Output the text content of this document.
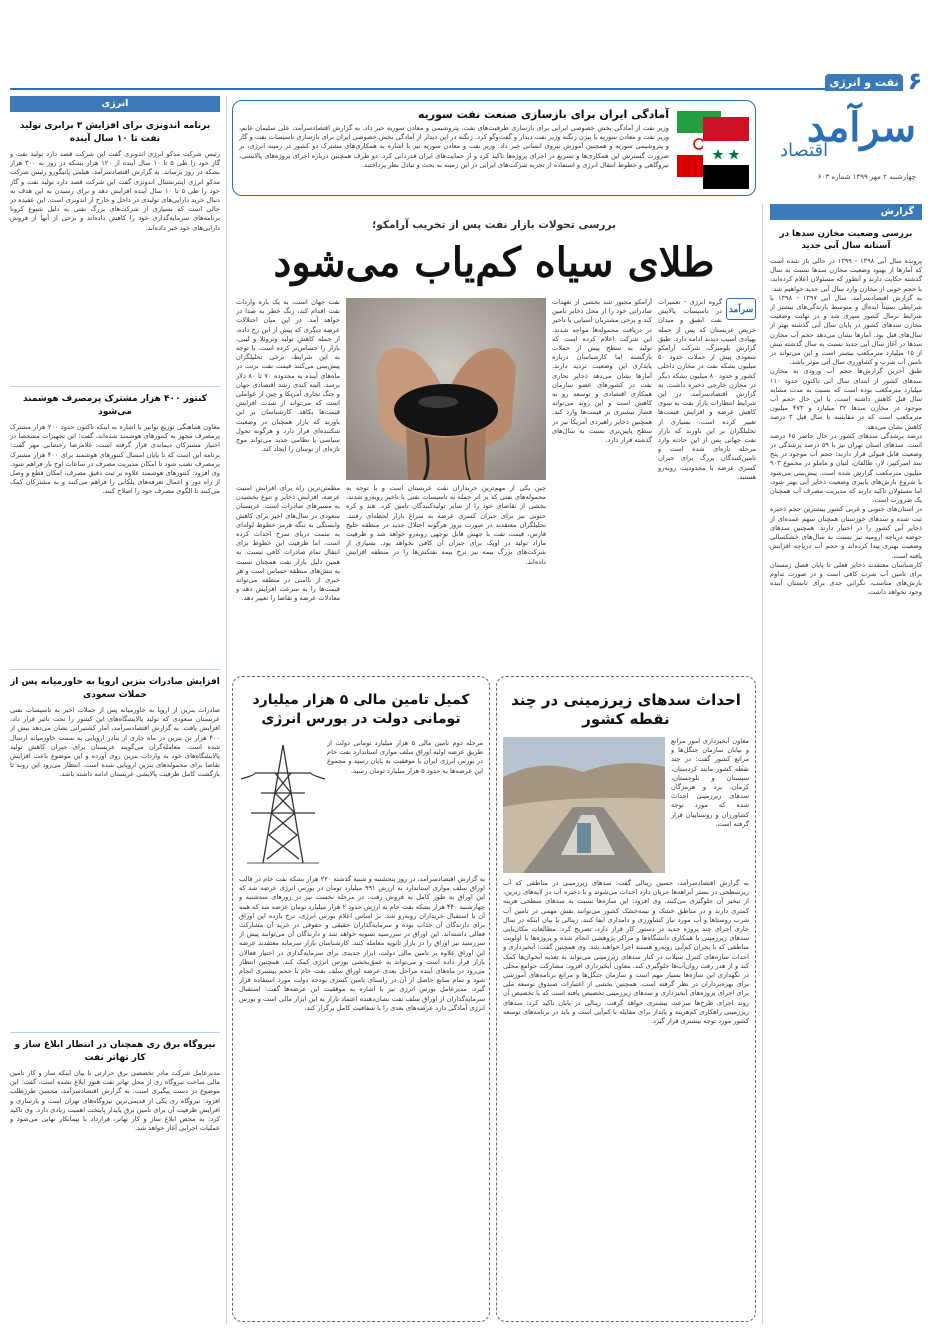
نفت و انرژی ۶
سرآمد
اقتصاد
چهارشنبه ۲ مهر ۱۳۹۹ شماره ۶۰۳
گزارش
بررسی وضعیت مخازن سدها در آستانه سال آبی جدید
پرونده سال آبی ۱۳۹۸ - ۱۳۹۹ در حالی باز شده است که آمارها از بهبود وضعیت مخازن سدها نسبت به سال گذشته حکایت دارند و آنطور که مسئولان اعلام کرده‌اند، با حجم خوبی از مخازن وارد سال آبی جدید خواهیم شد.
به گزارش اقتصادسرآمد، سال آبی ۱۳۹۷ - ۱۳۹۸ با شرایطی نسبتاً ایده‌آل و متوسط بارندگی‌های بیشتر از شرایط نرمال کشور سپری شد و در نهایت وضعیت مخازن سدهای کشور در پایان سال آبی گذشته بهتر از سال‌های قبل بود. آمارها نشان می‌دهد حجم آب مخازن سدها در آغاز سال آبی جدید نسبت به سال گذشته بیش از ۱۵ میلیارد مترمکعب بیشتر است و این می‌تواند در تامین آب شرب و کشاورزی سال آتی موثر باشد.
طبق آخرین گزارش‌ها حجم آب ورودی به مخازن سدهای کشور از ابتدای سال آبی تاکنون حدود ۱۱۰ میلیارد مترمکعب بوده است که نسبت به مدت مشابه سال قبل کاهش داشته است. با این حال حجم آب موجود در مخازن سدها ۳۲ میلیارد و ۴۷۳ میلیون مترمکعب است که در مقایسه با سال قبل ۳ درصد کاهش نشان می‌دهد.
درصد پرشدگی سدهای کشور در حال حاضر ۶۵ درصد است. سدهای استان تهران نیز با ۵۹ درصد پرشدگی در وضعیت قابل قبولی قرار دارند؛ حجم آب موجود در پنج سد امیرکبیر، لار، طالقان، لتیان و ماملو در مجموع ۹۰۳ میلیون مترمکعب گزارش شده است. پیش‌بینی می‌شود با شروع بارش‌های پاییزی وضعیت ذخایر آبی بهتر شود، اما مسئولان تاکید دارند که مدیریت مصرف آب همچنان یک ضرورت است.
در استان‌های جنوبی و غربی کشور بیشترین حجم ذخیره ثبت شده و سدهای خوزستان همچنان سهم عمده‌ای از ذخایر آبی کشور را در اختیار دارند. همچنین سدهای حوضه دریاچه ارومیه نیز نسبت به سال‌های خشکسالی وضعیت بهتری پیدا کرده‌اند و حجم آب دریاچه افزایش یافته است.
کارشناسان معتقدند ذخایر فعلی تا پایان فصل زمستان برای تامین آب شرب کافی است و در صورت تداوم بارش‌های مناسب، نگرانی جدی برای تابستان آینده وجود نخواهد داشت.
انرژی
برنامه اندونزی برای افزایش ۳ برابری تولید نفت تا ۱۰ سال آینده
رئیس شرکت مدکو انرژی اندونزی گفت این شرکت قصد دارد تولید نفت و گاز خود را طی ۵ تا ۱۰ سال آینده از ۱۲۰ هزار بشکه در روز به ۳۰۰ هزار بشکه در روز برساند. به گزارش اقتصادسرآمد، هیلمی پانیگورو رئیس شرکت مدکو انرژی اینترنشنال اندونزی گفت این شرکت قصد دارد تولید نفت و گاز خود را طی ۵ تا ۱۰ سال آینده افزایش دهد و برای رسیدن به این هدف به دنبال خرید دارایی‌های تولیدی در داخل و خارج از اندونزی است. این عقیده در حالی است که بسیاری از شرکت‌های بزرگ نفتی به دلیل شیوع کرونا برنامه‌های سرمایه‌گذاری خود را کاهش داده‌اند و برخی از آنها از فروش دارایی‌های خود خبر داده‌اند.
کنتور ۴۰۰ هزار مشترک پرمصرف هوشمند می‌شود
معاون هماهنگی توزیع توانیر با اشاره به اینکه تاکنون حدود ۲۰۰ هزار مشترک پرمصرف مجهز به کنتورهای هوشمند شده‌اند، گفت: این تجهیزات مشخصا در اختیار مشترکان دیماندی قرار گرفته است. غلامرضا رخشانی مهر گفت: برنامه این است که تا پایان امسال کنتورهای هوشمند برای ۴۰۰ هزار مشترک پرمصرف نصب شود تا امکان مدیریت مصرف در ساعات اوج بار فراهم شود. وی افزود: کنتورهای هوشمند علاوه بر ثبت دقیق مصرف، امکان قطع و وصل از راه دور و اعمال تعرفه‌های پلکانی را فراهم می‌کنند و به مشترکان کمک می‌کنند تا الگوی مصرف خود را اصلاح کنند.
افزایش صادرات بنزین اروپا به خاورمیانه پس از حملات سعودی
صادرات بنزین از اروپا به خاورمیانه پس از حملات اخیر به تاسیسات نفتی عربستان سعودی که تولید پالایشگاه‌های این کشور را تحت تاثیر قرار داد، افزایش یافت. به گزارش اقتصادسرآمد، آمار کشتیرانی نشان می‌دهد بیش از ۴۰۰ هزار تن بنزین در ماه جاری از بنادر اروپایی به سمت خاورمیانه ارسال شده است. معامله‌گران می‌گویند عربستان برای جبران کاهش تولید پالایشگاه‌های خود به واردات بنزین روی آورده و این موضوع باعث افزایش تقاضا برای محموله‌های بنزین اروپایی شده است. انتظار می‌رود این روند تا بازگشت کامل ظرفیت پالایشی عربستان ادامه داشته باشد.
نیروگاه برق ری همچنان در انتظار ابلاغ ساز و کار تهاتر نفت
مدیرعامل شرکت مادر تخصصی برق حرارتی با بیان اینکه ساز و کار تامین مالی ساخت نیروگاه ری از محل تهاتر نفت هنوز ابلاغ نشده است، گفت: این موضوع در دست پیگیری است. به گزارش اقتصادسرآمد، محسن طرزطلب افزود: نیروگاه ری یکی از قدیمی‌ترین نیروگاه‌های تهران است و بازسازی و افزایش ظرفیت آن برای تامین برق پایدار پایتخت اهمیت زیادی دارد. وی تاکید کرد: به محض ابلاغ ساز و کار تهاتر، قرارداد با پیمانکار نهایی می‌شود و عملیات اجرایی آغاز خواهد شد.
آمادگی ایران برای بازسازی صنعت نفت سوریه
وزیر نفت از آمادگی بخش خصوصی ایرانی برای بازسازی ظرفیت‌های نفت، پتروشیمی و معادن سوریه خبر داد. به گزارش اقتصادسرآمد، علی سلیمان غانم، وزیر نفت و معادن سوریه با بیژن زنگنه وزیر نفت دیدار و گفت‌وگو کرد. زنگنه در این دیدار از آمادگی بخش خصوصی ایران برای بازسازی تاسیسات نفت و گاز و پتروشیمی سوریه و همچنین آموزش نیروی انسانی خبر داد. وزیر نفت و معادن سوریه نیز با اشاره به همکاری‌های مشترک دو کشور در زمینه انرژی، بر ضرورت گسترش این همکاری‌ها و تسریع در اجرای پروژه‌ها تاکید کرد و از حمایت‌های ایران قدردانی کرد. دو طرف همچنین درباره اجرای پروژه‌های پالایشی، نیروگاهی و خطوط انتقال انرژی و استفاده از تجربه شرکت‌های ایرانی در این زمینه به بحث و تبادل نظر پرداختند.
بررسی تحولات بازار نفت پس از تخریب آرامکو؛
طلای سیاه کم‌یاب می‌شود
سرآمد
گروه انرژی - تعمیرات در تاسیسات پالایش نفت ابقیق و میدان خریص عربستان که پس از حمله پهپادی آسیب دیدند ادامه دارد. طبق گزارش بلومبرگ، شرکت آرامکو سعودی پیش از حملات حدود ۵۰ میلیون بشکه نفت در مخازن داخلی کشور و حدود ۸۰ میلیون بشکه دیگر در مخازن خارجی ذخیره داشت. به گزارش اقتصادسرآمد، در این شرایط انتظارات بازار نفت به سوی کاهش عرضه و افزایش قیمت‌ها تغییر کرده است. بسیاری از تحلیلگران بر این باورند که بازار نفت جهانی پس از این حادثه وارد مرحله تازه‌ای شده است و تامین‌کنندگان بزرگ برای جبران کسری عرضه با محدودیت روبه‌رو هستند.
آرامکو مجبور شد بخشی از تعهدات صادراتی خود را از محل ذخایر تامین کند و برخی مشتریان آسیایی با تاخیر در دریافت محموله‌ها مواجه شدند. این شرکت اعلام کرده است که تولید به سطح پیش از حملات بازگشته اما کارشناسان درباره پایداری این وضعیت تردید دارند. آمارها نشان می‌دهد ذخایر تجاری نفت در کشورهای عضو سازمان همکاری اقتصادی و توسعه رو به کاهش است و این روند می‌تواند فشار بیشتری بر قیمت‌ها وارد کند. همچنین ذخایر راهبردی آمریکا نیز در سطح پایین‌تری نسبت به سال‌های گذشته قرار دارد.
چین یکی از مهم‌ترین خریداران نفت عربستان است و با توجه به محموله‌های نفتی که بر اثر حمله به تاسیسات نفتی با تاخیر روبه‌رو شدند، بخشی از تقاضای خود را از سایر تولیدکنندگان تامین کرد. هند و کره جنوبی نیز برای جبران کسری عرضه به سراغ بازار لحظه‌ای رفتند. تحلیلگران معتقدند در صورت بروز هرگونه اختلال جدید در منطقه خلیج فارس، قیمت نفت با جهش قابل توجهی روبه‌رو خواهد شد و ظرفیت مازاد تولید در اوپک برای جبران آن کافی نخواهد بود. بسیاری از شرکت‌های بزرگ بیمه نیز نرخ بیمه نفتکش‌ها را در منطقه افزایش داده‌اند.
مطمئن‌ترین راه برای افزایش امنیت عرضه، افزایش ذخایر و تنوع بخشیدن به مسیرهای صادرات است. عربستان سعودی در سال‌های اخیر برای کاهش وابستگی به تنگه هرمز خطوط لوله‌ای به سمت دریای سرخ احداث کرده است، اما ظرفیت این خطوط برای انتقال تمام صادرات کافی نیست. به همین دلیل بازار نفت همچنان نسبت به تنش‌های منطقه حساس است و هر خبری از ناامنی در منطقه می‌تواند قیمت‌ها را به سرعت افزایش دهد و معادلات عرضه و تقاضا را تغییر دهد.
نفت جهان است، به یک باره واردات نفت اقدام کند، زنگ خطر به صدا در خواهد آمد. در این میان اختلالات عرضه دیگری که پیش از این رخ داده، از جمله کاهش تولید ونزوئلا و لیبی، بازار را حساس‌تر کرده است. با توجه به این شرایط، برخی تحلیلگران پیش‌بینی می‌کنند قیمت نفت برنت در ماه‌های آینده به محدوده ۷۰ تا ۸۰ دلار برسد. البته کندی رشد اقتصادی جهان و جنگ تجاری آمریکا و چین از عواملی است که می‌تواند از شدت افزایش قیمت‌ها بکاهد. کارشناسان بر این باورند که بازار همچنان در وضعیت شکننده‌ای قرار دارد و هرگونه تحول سیاسی یا نظامی جدید می‌تواند موج تازه‌ای از نوسان را ایجاد کند.
احداث سدهای زیرزمینی در چند نقطه کشور
معاون آبخیزداری امور مراتع و بیابان سازمان جنگل‌ها و مراتع کشور گفت: در چند نقطه کشور مانند کردستان، سیستان و بلوچستان، کرمان، یزد و هرمزگان سدهای زیرزمینی احداث شده که مورد توجه کشاورزان و روستاییان قرار گرفته است.
به گزارش اقتصادسرآمد، حسین زینالی گفت: سدهای زیرزمینی در مناطقی که آب زیرسطحی در بستر آبراهه‌ها جریان دارد احداث می‌شوند و با ذخیره آب در لایه‌های زیرین، از تبخیر آن جلوگیری می‌کنند. وی افزود: این سازه‌ها نسبت به سدهای سطحی هزینه کمتری دارند و در مناطق خشک و نیمه‌خشک کشور می‌توانند نقش مهمی در تامین آب شرب روستاها و آب مورد نیاز کشاورزی و دامداری ایفا کنند. زینالی با بیان اینکه در سال جاری اجرای چند پروژه جدید در دستور کار قرار دارد، تصریح کرد: مطالعات مکان‌یابی سدهای زیرزمینی با همکاری دانشگاه‌ها و مراکز پژوهشی انجام شده و پروژه‌ها با اولویت مناطقی که با بحران کم‌آبی روبه‌رو هستند اجرا خواهند شد. وی همچنین گفت: آبخیزداری و احداث سازه‌های کنترل سیلاب در کنار سدهای زیرزمینی می‌تواند به تغذیه آبخوان‌ها کمک کند و از هدر رفت روان‌آب‌ها جلوگیری کند. معاون آبخیزداری افزود: مشارکت جوامع محلی در نگهداری این سازه‌ها بسیار مهم است و سازمان جنگل‌ها و مراتع برنامه‌های آموزشی برای بهره‌برداران در نظر گرفته است. همچنین بخشی از اعتبارات صندوق توسعه ملی برای اجرای پروژه‌های آبخیزداری و سدهای زیرزمینی تخصیص یافته است که با تخصیص آن روند اجرای طرح‌ها سرعت بیشتری خواهد گرفت. زینالی در پایان تاکید کرد: سدهای زیرزمینی راهکاری کم‌هزینه و پایدار برای مقابله با کم‌آبی است و باید در برنامه‌های توسعه کشور مورد توجه بیشتری قرار گیرد.
کمیل تامین مالی ۵ هزار میلیارد تومانی دولت در بورس انرژی
مرحله دوم تامین مالی ۵ هزار میلیارد تومانی دولت از طریق عرضه اولیه اوراق سلف موازی استاندارد نفت خام در بورس انرژی ایران با موفقیت به پایان رسید و مجموع این عرضه‌ها به حدود ۵ هزار میلیارد تومان رسید.
به گزارش اقتصادسرآمد، در روز پنجشنبه و شنبه گذشته ۲۲۰ هزار بشکه نفت خام در قالب اوراق سلف موازی استاندارد به ارزش ۹۹۱ میلیارد تومان در بورس انرژی عرضه شد که این اوراق به طور کامل به فروش رفت. در مرحله نخست نیز در روزهای سه‌شنبه و چهارشنبه ۴۴۰ هزار بشکه نفت خام به ارزش حدود ۲ هزار میلیارد تومان عرضه شد که همه آن با استقبال خریداران روبه‌رو شد. بر اساس اعلام بورس انرژی، نرخ بازده این اوراق برای دارندگان آن جذاب بوده و سرمایه‌گذاران حقیقی و حقوقی در خرید آن مشارکت فعالی داشته‌اند. این اوراق در سررسید تسویه خواهد شد و دارندگان آن می‌توانند پیش از سررسید نیز اوراق را در بازار ثانویه معامله کنند. کارشناسان بازار سرمایه معتقدند عرضه این اوراق علاوه بر تامین مالی دولت، ابزار جدیدی برای سرمایه‌گذاری در اختیار فعالان بازار قرار داده است و می‌تواند به عمق‌بخشی بورس انرژی کمک کند. همچنین انتظار می‌رود در ماه‌های آینده مراحل بعدی عرضه اوراق سلف نفت خام با حجم بیشتری انجام شود و تمام منابع حاصل از آن در راستای تامین کسری بودجه دولت مورد استفاده قرار گیرد. مدیرعامل بورس انرژی نیز با اشاره به موفقیت این عرضه‌ها گفت: استقبال سرمایه‌گذاران از اوراق سلف نفت نشان‌دهنده اعتماد بازار به این ابزار مالی است و بورس انرژی آمادگی دارد عرضه‌های بعدی را با شفافیت کامل برگزار کند.
